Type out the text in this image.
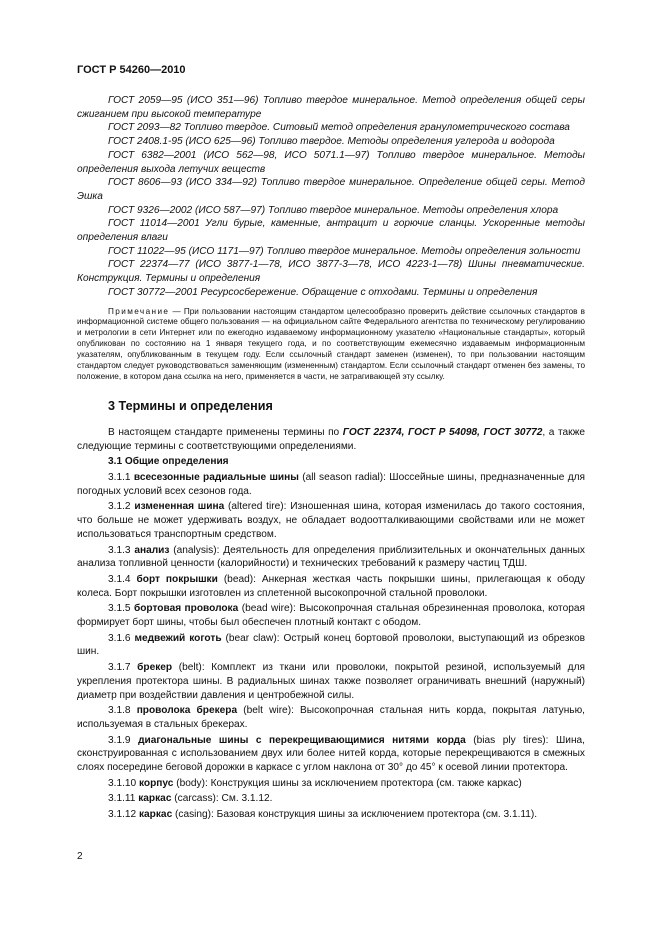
ГОСТ Р 54260—2010

ГОСТ 2059—95 (ИСО 351—96) Топливо твердое минеральное. Метод определения общей серы сжиганием при высокой температуре

ГОСТ 2093—82 Топливо твердое. Ситовый метод определения гранулометрического состава

ГОСТ 2408.1-95 (ИСО 625—96) Топливо твердое. Методы определения углерода и водорода

ГОСТ 6382—2001 (ИСО 562—98, ИСО 5071.1—97) Топливо твердое минеральное. Методы определения выхода летучих веществ

ГОСТ 8606—93 (ИСО 334—92) Топливо твердое минеральное. Определение общей серы. Метод Эшка

ГОСТ 9326—2002 (ИСО 587—97) Топливо твердое минеральное. Методы определения хлора

ГОСТ 11014—2001 Угли бурые, каменные, антрацит и горючие сланцы. Ускоренные методы определения влаги

ГОСТ 11022—95 (ИСО 1171—97) Топливо твердое минеральное. Методы определения зольности

ГОСТ 22374—77 (ИСО 3877-1—78, ИСО 3877-3—78, ИСО 4223-1—78) Шины пневматические. Конструкция. Термины и определения

ГОСТ 30772—2001 Ресурсосбережение. Обращение с отходами. Термины и определения

Примечание — При пользовании настоящим стандартом целесообразно проверить действие ссылочных стандартов в информационной системе общего пользования — на официальном сайте Федерального агентства по техническому регулированию и метрологии в сети Интернет или по ежегодно издаваемому информационному указателю «Национальные стандарты», который опубликован по состоянию на 1 января текущего года, и по соответствующим ежемесячно издаваемым информационным указателям, опубликованным в текущем году. Если ссылочный стандарт заменен (изменен), то при пользовании настоящим стандартом следует руководствоваться заменяющим (измененным) стандартом. Если ссылочный стандарт отменен без замены, то положение, в котором дана ссылка на него, применяется в части, не затрагивающей эту ссылку.

3 Термины и определения

В настоящем стандарте применены термины по ГОСТ 22374, ГОСТ Р 54098, ГОСТ 30772, а также следующие термины с соответствующими определениями.

3.1 Общие определения

3.1.1 всесезонные радиальные шины (all season radial): Шоссейные шины, предназначенные для погодных условий всех сезонов года.

3.1.2 измененная шина (altered tire): Изношенная шина, которая изменилась до такого состояния, что больше не может удерживать воздух, не обладает водоотталкивающими свойствами или не может использоваться транспортным средством.

3.1.3 анализ (analysis): Деятельность для определения приблизительных и окончательных данных анализа топливной ценности (калорийности) и технических требований к размеру частиц ТДШ.

3.1.4 борт покрышки (bead): Анкерная жесткая часть покрышки шины, прилегающая к ободу колеса. Борт покрышки изготовлен из сплетенной высокопрочной стальной проволоки.

3.1.5 бортовая проволока (bead wire): Высокопрочная стальная обрезиненная проволока, которая формирует борт шины, чтобы был обеспечен плотный контакт с ободом.

3.1.6 медвежий коготь (bear claw): Острый конец бортовой проволоки, выступающий из обрезков шин.

3.1.7 брекер (belt): Комплект из ткани или проволоки, покрытой резиной, используемый для укрепления протектора шины. В радиальных шинах также позволяет ограничивать внешний (наружный) диаметр при воздействии давления и центробежной силы.

3.1.8 проволока брекера (belt wire): Высокопрочная стальная нить корда, покрытая латунью, используемая в стальных брекерах.

3.1.9 диагональные шины с перекрещивающимися нитями корда (bias ply tires): Шина, сконструированная с использованием двух или более нитей корда, которые перекрещиваются в смежных слоях посередине беговой дорожки в каркасе с углом наклона от 30° до 45° к осевой линии протектора.

3.1.10 корпус (body): Конструкция шины за исключением протектора (см. также каркас)

3.1.11 каркас (carcass): См. 3.1.12.

3.1.12 каркас (casing): Базовая конструкция шины за исключением протектора (см. 3.1.11).

2
